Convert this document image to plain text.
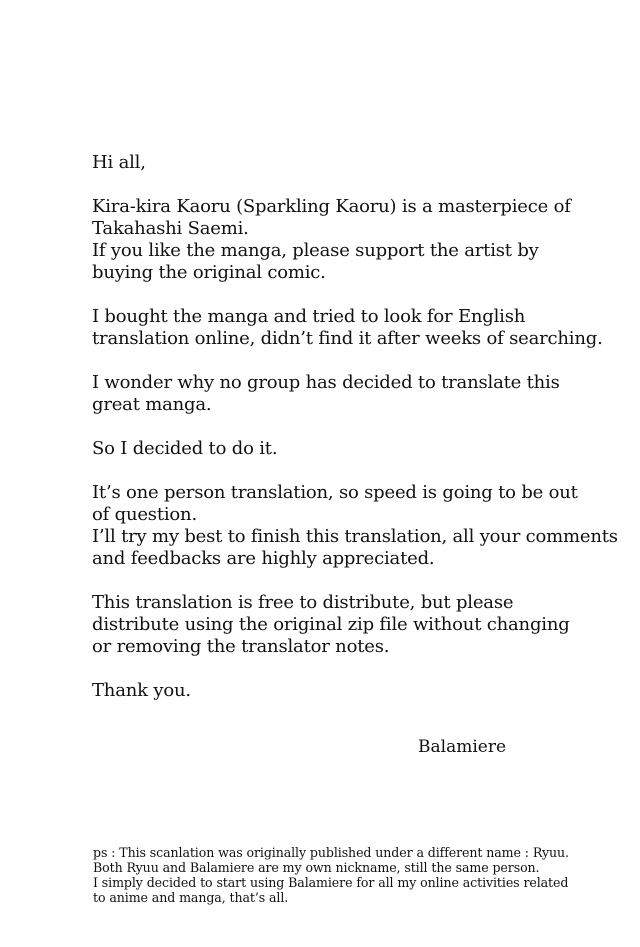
Hi all,
Kira-kira Kaoru (Sparkling Kaoru) is a masterpiece of
Takahashi Saemi.
If you like the manga, please support the artist by
buying the original comic.
I bought the manga and tried to look for English
translation online, didn’t find it after weeks of searching.
I wonder why no group has decided to translate this
great manga.
So I decided to do it.
It’s one person translation, so speed is going to be out
of question.
I’ll try my best to finish this translation, all your comments
and feedbacks are highly appreciated.
This translation is free to distribute, but please
distribute using the original zip file without changing
or removing the translator notes.
Thank you.
Balamiere
ps : This scanlation was originally published under a different name : Ryuu.
Both Ryuu and Balamiere are my own nickname, still the same person.
I simply decided to start using Balamiere for all my online activities related
to anime and manga, that’s all.
